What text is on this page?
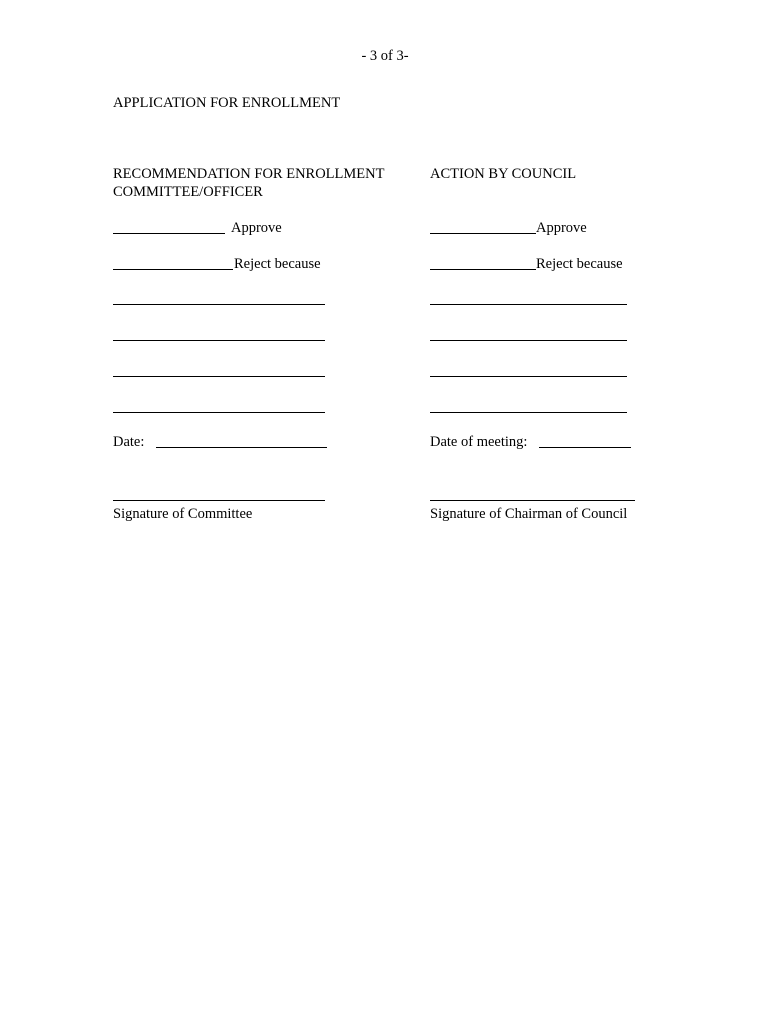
- 3 of 3-
APPLICATION FOR ENROLLMENT
RECOMMENDATION FOR ENROLLMENT
COMMITTEE/OFFICER
Approve
Reject because
Date:
Signature of Committee
ACTION BY COUNCIL
Approve
Reject because
Date of meeting:
Signature of Chairman of Council
